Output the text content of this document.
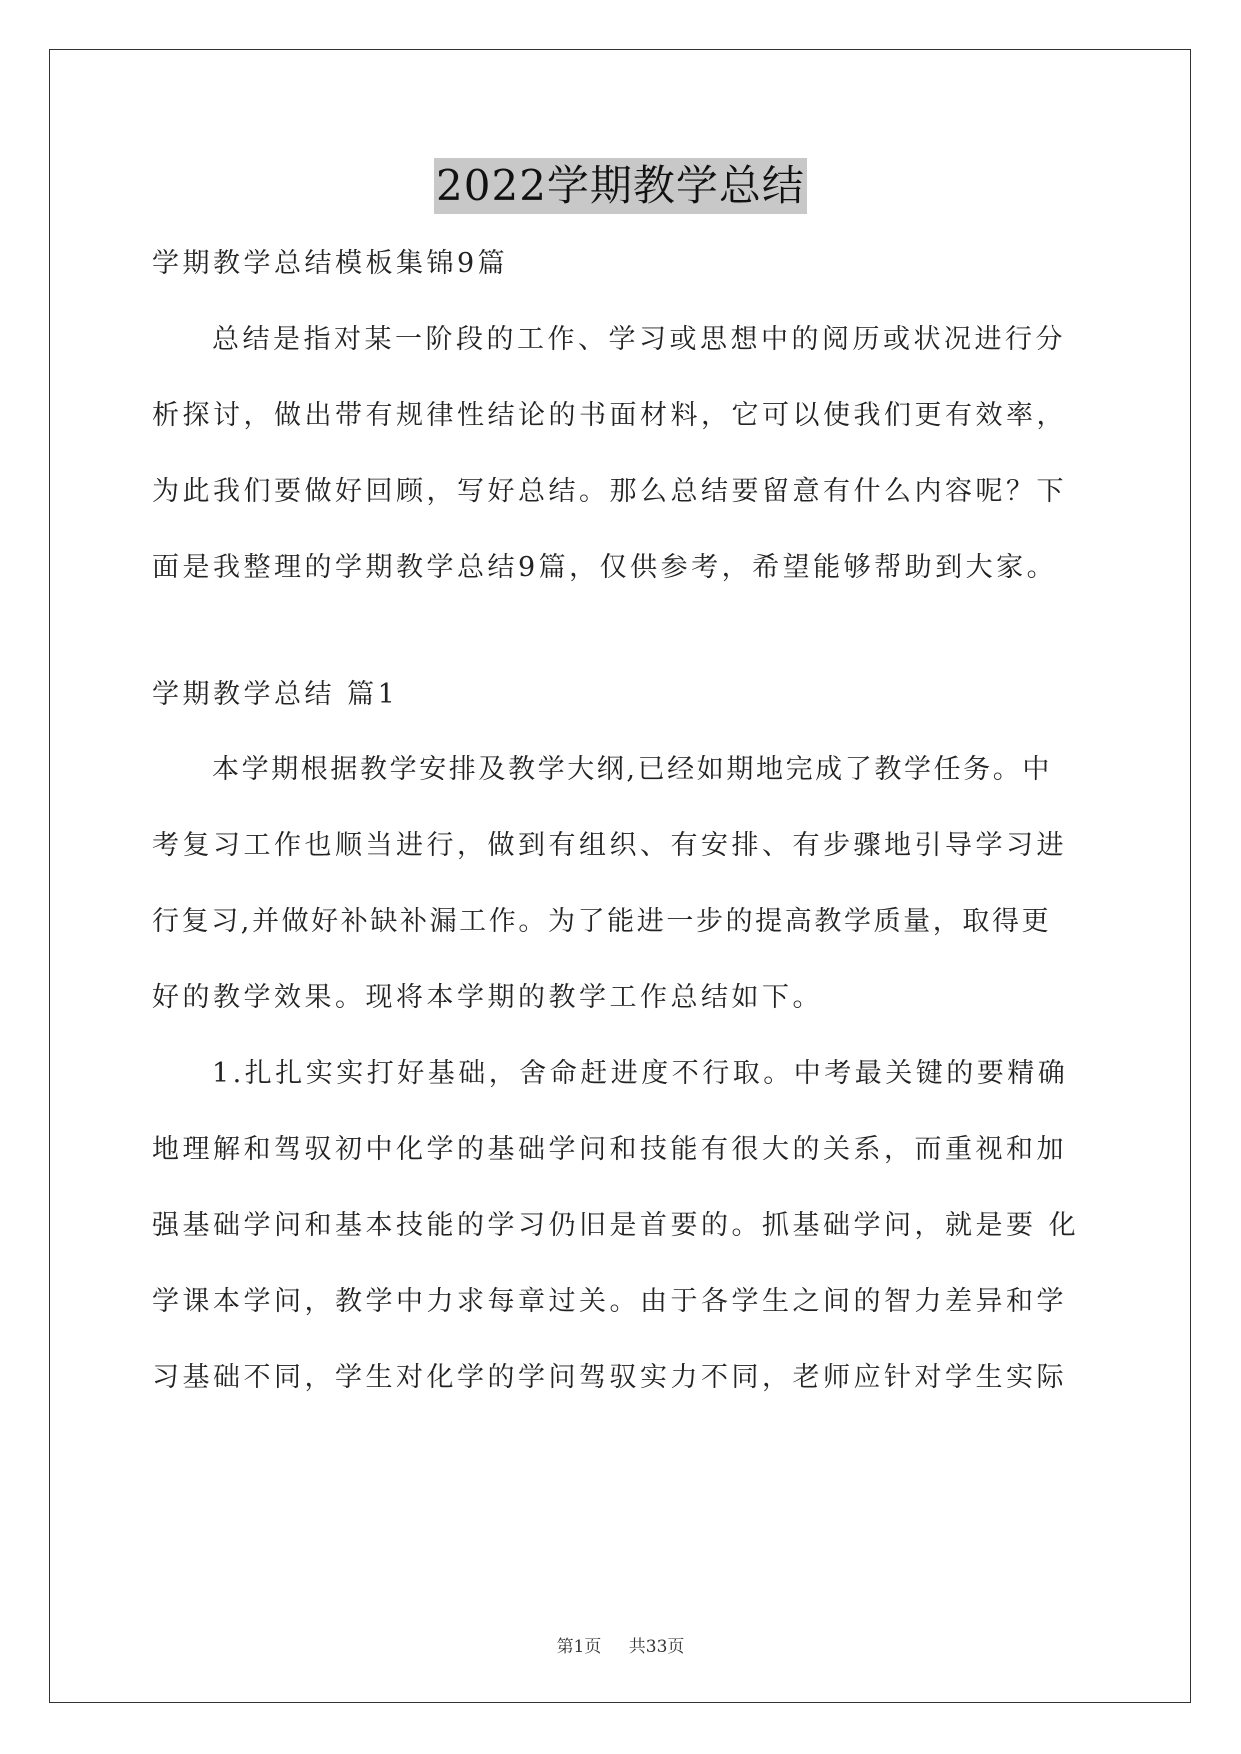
2022学期教学总结
学期教学总结模板集锦9篇
总结是指对某一阶段的工作、学习或思想中的阅历或状况进行分
析探讨，做出带有规律性结论的书面材料，它可以使我们更有效率，
为此我们要做好回顾，写好总结。那么总结要留意有什么内容呢？下
面是我整理的学期教学总结9篇，仅供参考，希望能够帮助到大家。
学期教学总结 篇1
本学期根据教学安排及教学大纲,已经如期地完成了教学任务。中
考复习工作也顺当进行，做到有组织、有安排、有步骤地引导学习进
行复习,并做好补缺补漏工作。为了能进一步的提高教学质量，取得更
好的教学效果。现将本学期的教学工作总结如下。
1.扎扎实实打好基础，舍命赶进度不行取。中考最关键的要精确
地理解和驾驭初中化学的基础学问和技能有很大的关系，而重视和加
强基础学问和基本技能的学习仍旧是首要的。抓基础学问，就是要 化
学课本学问，教学中力求每章过关。由于各学生之间的智力差异和学
习基础不同，学生对化学的学问驾驭实力不同，老师应针对学生实际
第1页 共33页
